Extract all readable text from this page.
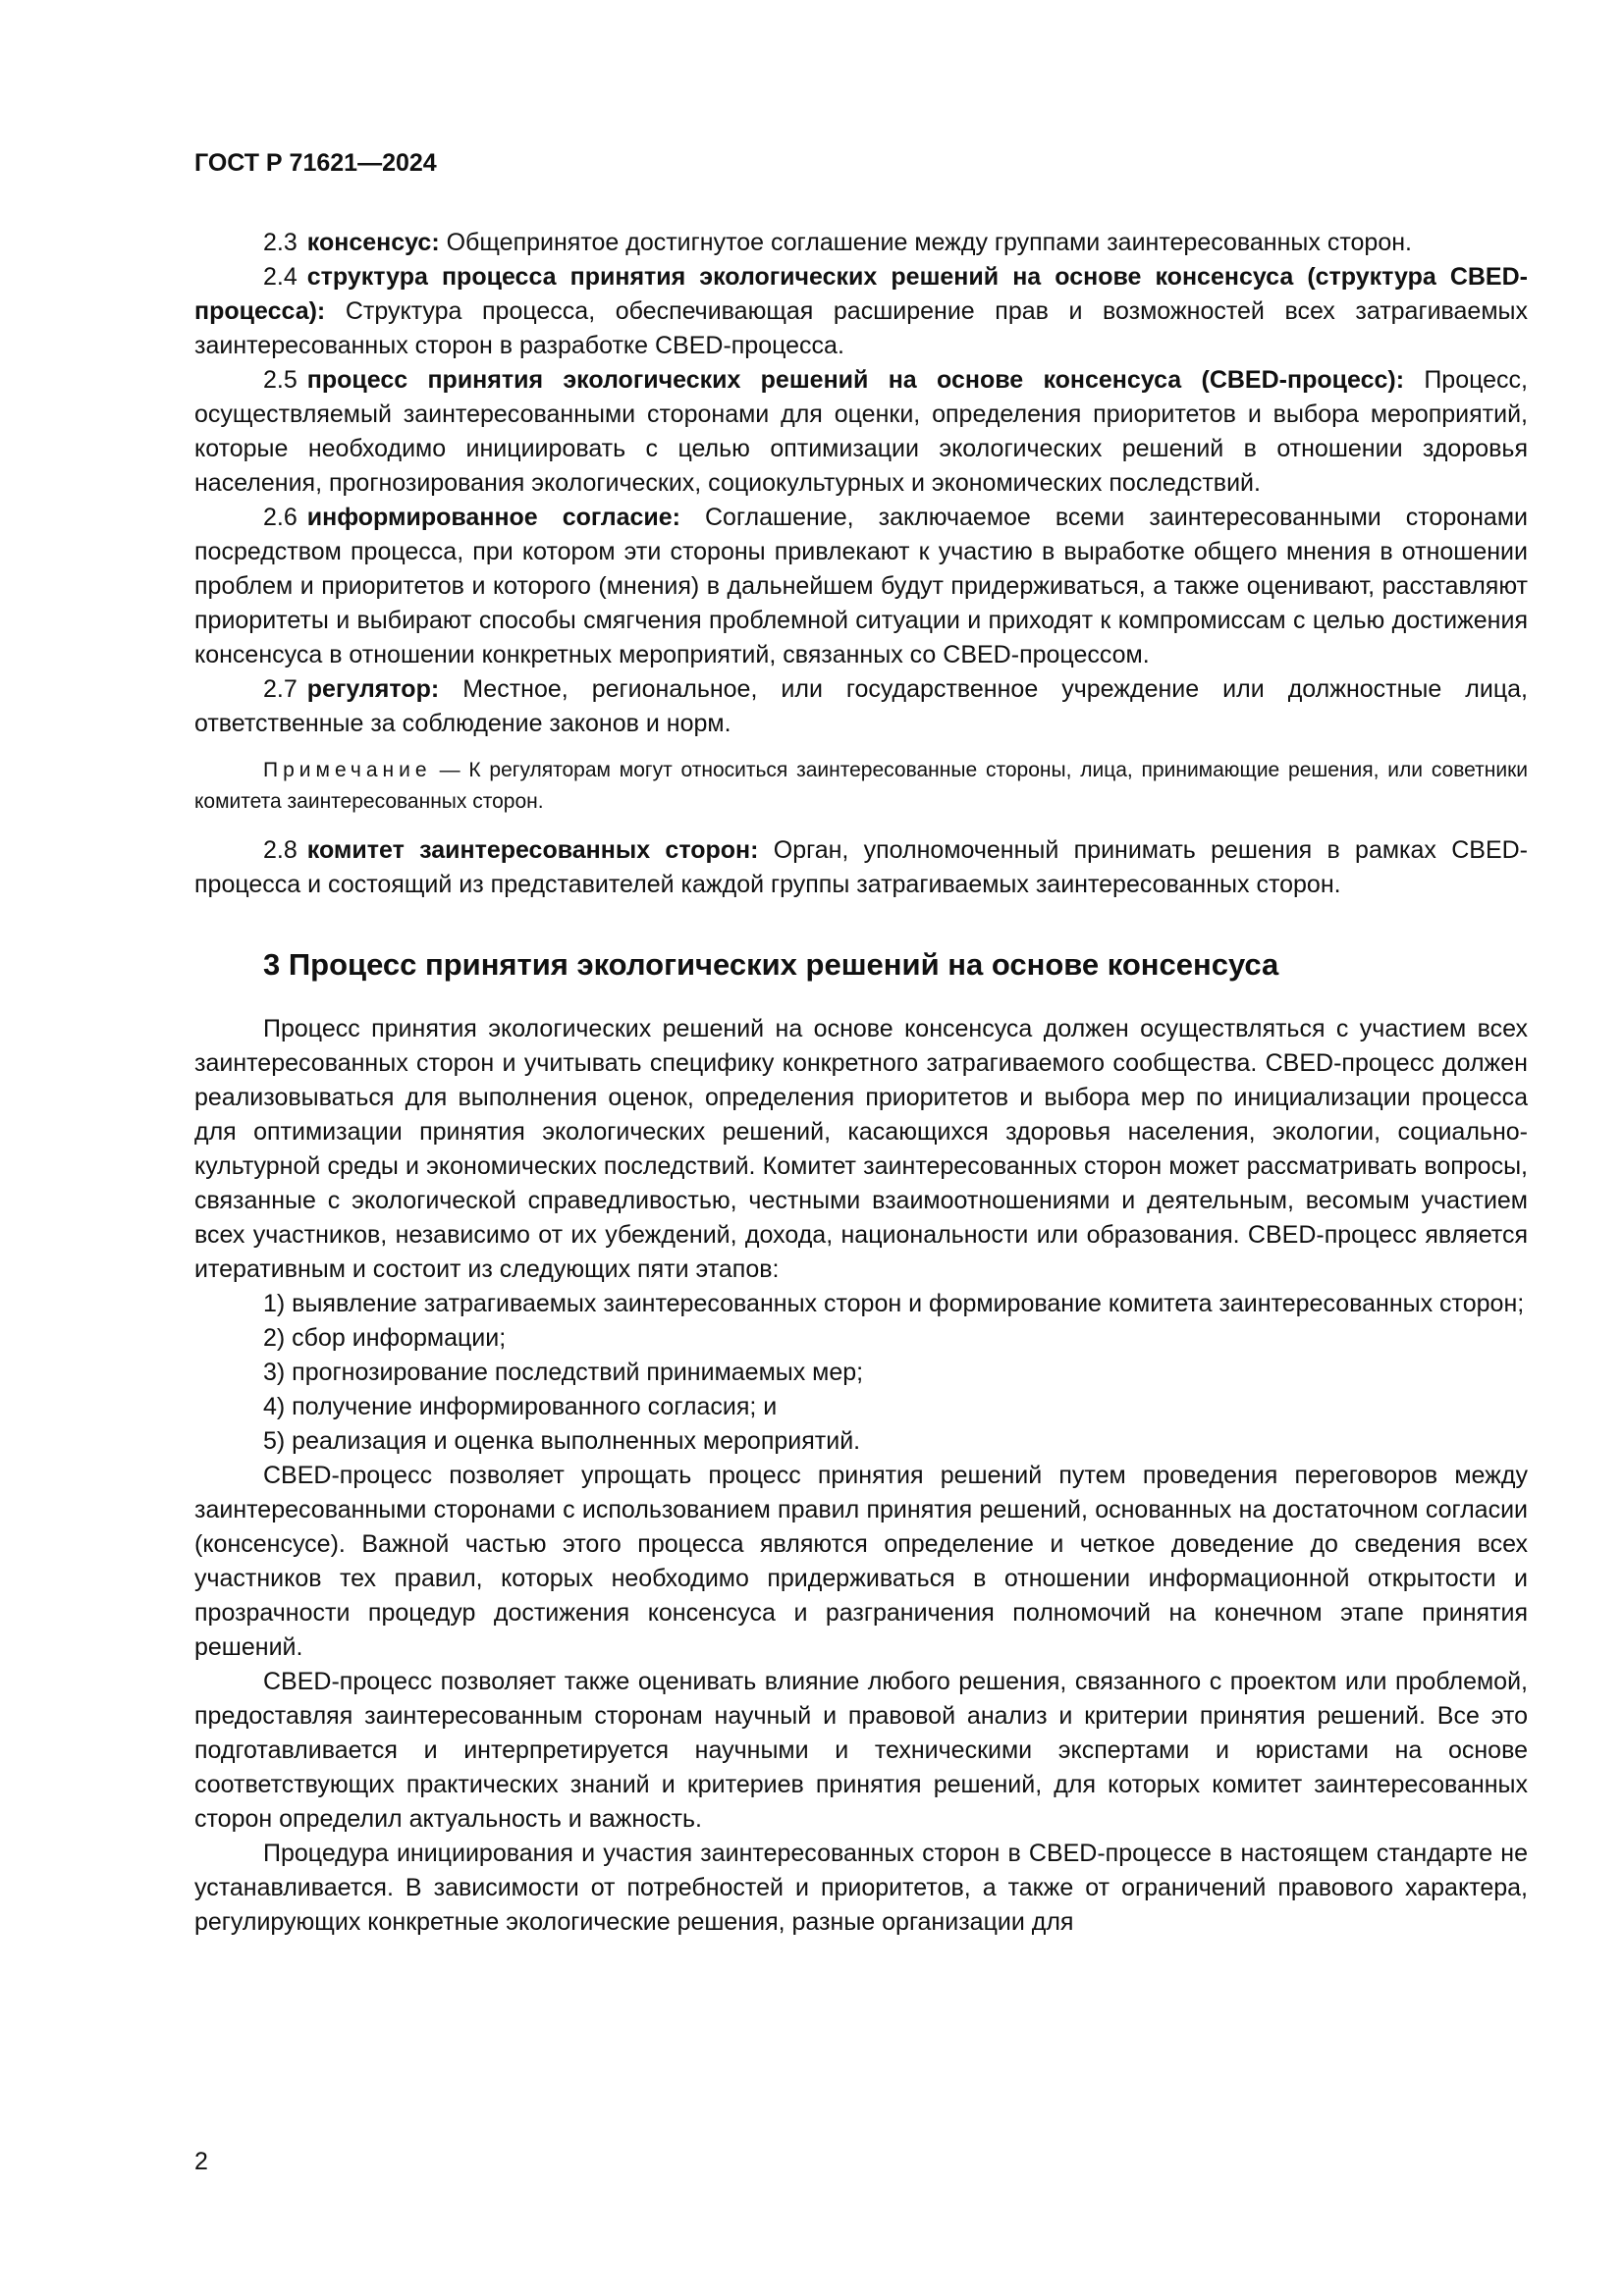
ГОСТ Р 71621—2024

2.3 консенсус: Общепринятое достигнутое соглашение между группами заинтересованных сторон.

2.4 структура процесса принятия экологических решений на основе консенсуса (структура CBED-процесса): Структура процесса, обеспечивающая расширение прав и возможностей всех затрагиваемых заинтересованных сторон в разработке CBED-процесса.

2.5 процесс принятия экологических решений на основе консенсуса (CBED-процесс): Процесс, осуществляемый заинтересованными сторонами для оценки, определения приоритетов и выбора мероприятий, которые необходимо инициировать с целью оптимизации экологических решений в отношении здоровья населения, прогнозирования экологических, социокультурных и экономических последствий.

2.6 информированное согласие: Соглашение, заключаемое всеми заинтересованными сторонами посредством процесса, при котором эти стороны привлекают к участию в выработке общего мнения в отношении проблем и приоритетов и которого (мнения) в дальнейшем будут придерживаться, а также оценивают, расставляют приоритеты и выбирают способы смягчения проблемной ситуации и приходят к компромиссам с целью достижения консенсуса в отношении конкретных мероприятий, связанных со CBED-процессом.

2.7 регулятор: Местное, региональное, или государственное учреждение или должностные лица, ответственные за соблюдение законов и норм.

Примечание — К регуляторам могут относиться заинтересованные стороны, лица, принимающие решения, или советники комитета заинтересованных сторон.

2.8 комитет заинтересованных сторон: Орган, уполномоченный принимать решения в рамках CBED-процесса и состоящий из представителей каждой группы затрагиваемых заинтересованных сторон.

3 Процесс принятия экологических решений на основе консенсуса

Процесс принятия экологических решений на основе консенсуса должен осуществляться с участием всех заинтересованных сторон и учитывать специфику конкретного затрагиваемого сообщества. CBED-процесс должен реализовываться для выполнения оценок, определения приоритетов и выбора мер по инициализации процесса для оптимизации принятия экологических решений, касающихся здоровья населения, экологии, социально-культурной среды и экономических последствий. Комитет заинтересованных сторон может рассматривать вопросы, связанные с экологической справедливостью, честными взаимоотношениями и деятельным, весомым участием всех участников, независимо от их убеждений, дохода, национальности или образования. CBED-процесс является итеративным и состоит из следующих пяти этапов:

1) выявление затрагиваемых заинтересованных сторон и формирование комитета заинтересованных сторон;
2) сбор информации;
3) прогнозирование последствий принимаемых мер;
4) получение информированного согласия; и
5) реализация и оценка выполненных мероприятий.

CBED-процесс позволяет упрощать процесс принятия решений путем проведения переговоров между заинтересованными сторонами с использованием правил принятия решений, основанных на достаточном согласии (консенсусе). Важной частью этого процесса являются определение и четкое доведение до сведения всех участников тех правил, которых необходимо придерживаться в отношении информационной открытости и прозрачности процедур достижения консенсуса и разграничения полномочий на конечном этапе принятия решений.

CBED-процесс позволяет также оценивать влияние любого решения, связанного с проектом или проблемой, предоставляя заинтересованным сторонам научный и правовой анализ и критерии принятия решений. Все это подготавливается и интерпретируется научными и техническими экспертами и юристами на основе соответствующих практических знаний и критериев принятия решений, для которых комитет заинтересованных сторон определил актуальность и важность.

Процедура инициирования и участия заинтересованных сторон в CBED-процессе в настоящем стандарте не устанавливается. В зависимости от потребностей и приоритетов, а также от ограничений правового характера, регулирующих конкретные экологические решения, разные организации для

2
